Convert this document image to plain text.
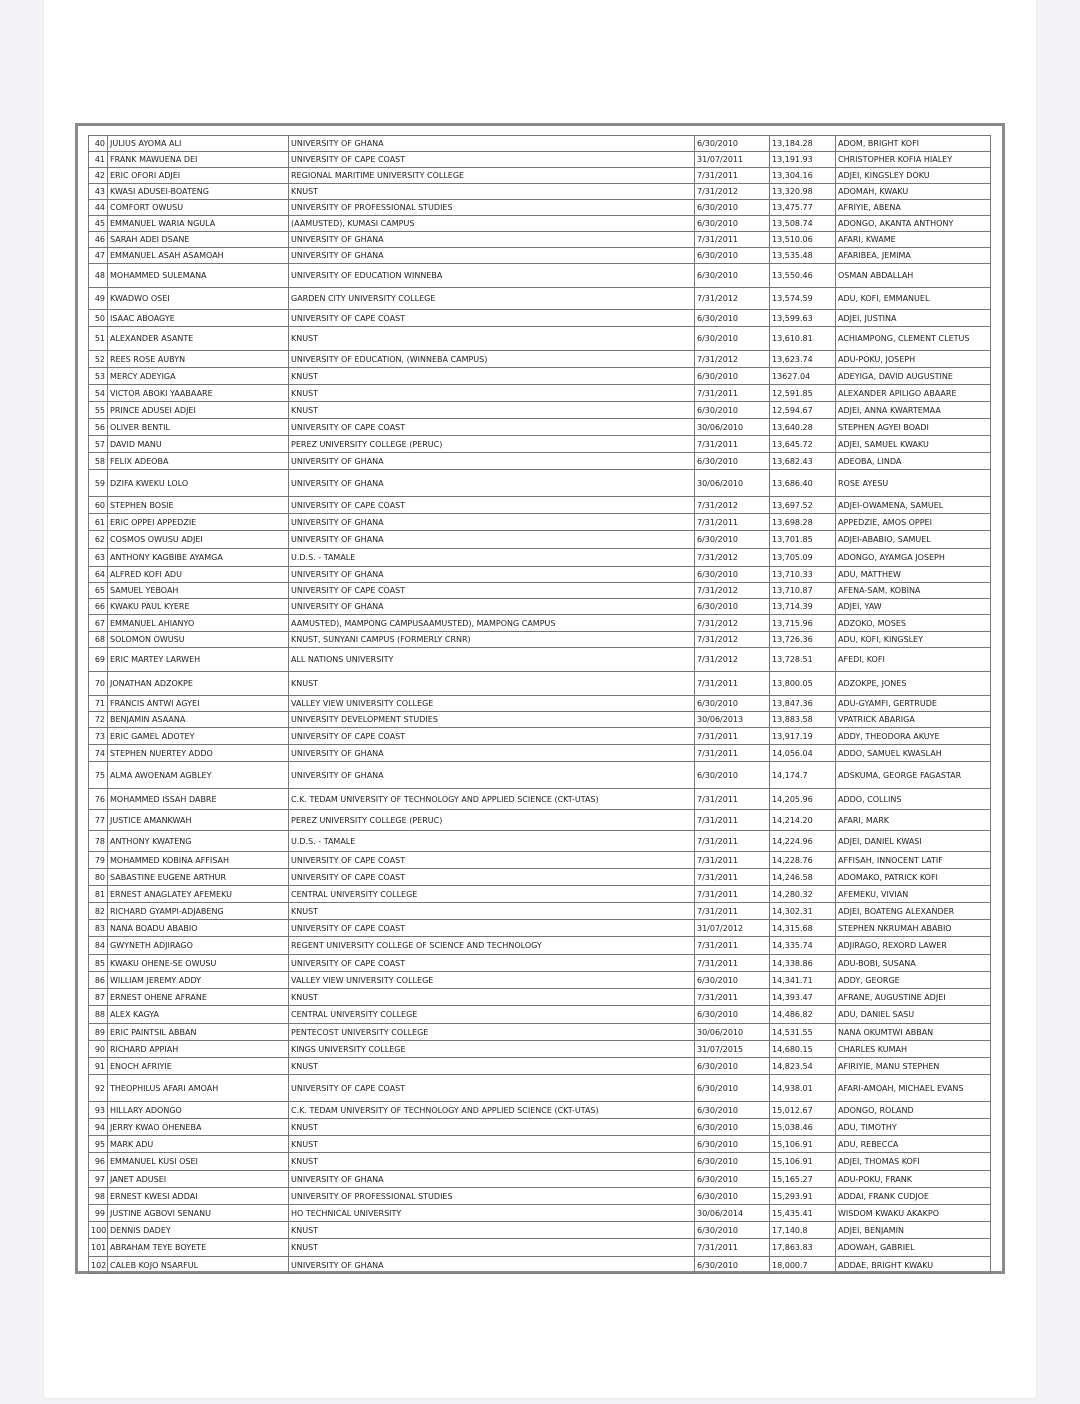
40	JULIUS AYOMA ALI	UNIVERSITY OF GHANA	6/30/2010	13,184.28	ADOM, BRIGHT KOFI
41	FRANK MAWUENA DEI	UNIVERSITY OF CAPE COAST	31/07/2011	13,191.93	CHRISTOPHER KOFIA HIALEY
42	ERIC OFORI ADJEI	REGIONAL MARITIME UNIVERSITY COLLEGE	7/31/2011	13,304.16	ADJEI, KINGSLEY DOKU
43	KWASI ADUSEI-BOATENG	KNUST	7/31/2012	13,320.98	ADOMAH, KWAKU
44	COMFORT OWUSU	UNIVERSITY OF PROFESSIONAL STUDIES	6/30/2010	13,475.77	AFRIYIE, ABENA
45	EMMANUEL WARIA NGULA	(AAMUSTED), KUMASI CAMPUS	6/30/2010	13,508.74	ADONGO, AKANTA ANTHONY
46	SARAH ADEI DSANE	UNIVERSITY OF GHANA	7/31/2011	13,510.06	AFARI, KWAME
47	EMMANUEL ASAH ASAMOAH	UNIVERSITY OF GHANA	6/30/2010	13,535.48	AFARIBEA, JEMIMA
48	MOHAMMED SULEMANA	UNIVERSITY OF EDUCATION WINNEBA	6/30/2010	13,550.46	OSMAN ABDALLAH
49	KWADWO OSEI	GARDEN CITY UNIVERSITY COLLEGE	7/31/2012	13,574.59	ADU, KOFI, EMMANUEL
50	ISAAC ABOAGYE	UNIVERSITY OF CAPE COAST	6/30/2010	13,599.63	ADJEI, JUSTINA
51	ALEXANDER ASANTE	KNUST	6/30/2010	13,610.81	ACHIAMPONG, CLEMENT CLETUS
52	REES ROSE AUBYN	UNIVERSITY OF EDUCATION, (WINNEBA CAMPUS)	7/31/2012	13,623.74	ADU-POKU, JOSEPH
53	MERCY ADEYIGA	KNUST	6/30/2010	13627.04	ADEYIGA, DAVID AUGUSTINE
54	VICTOR ABOKI YAABAARE	KNUST	7/31/2011	12,591.85	ALEXANDER APILIGO ABAARE
55	PRINCE ADUSEI ADJEI	KNUST	6/30/2010	12,594.67	ADJEI, ANNA KWARTEMAA
56	OLIVER BENTIL	UNIVERSITY OF CAPE COAST	30/06/2010	13,640.28	STEPHEN AGYEI BOADI
57	DAVID MANU	PEREZ UNIVERSITY COLLEGE (PERUC)	7/31/2011	13,645.72	ADJEI, SAMUEL KWAKU
58	FELIX ADEOBA	UNIVERSITY OF GHANA	6/30/2010	13,682.43	ADEOBA, LINDA
59	DZIFA KWEKU LOLO	UNIVERSITY OF GHANA	30/06/2010	13,686.40	ROSE AYESU
60	STEPHEN BOSIE	UNIVERSITY OF CAPE COAST	7/31/2012	13,697.52	ADJEI-OWAMENA, SAMUEL
61	ERIC OPPEI APPEDZIE	UNIVERSITY OF GHANA	7/31/2011	13,698.28	APPEDZIE, AMOS OPPEI
62	COSMOS OWUSU ADJEI	UNIVERSITY OF GHANA	6/30/2010	13,701.85	ADJEI-ABABIO, SAMUEL
63	ANTHONY KAGBIBE AYAMGA	U.D.S. - TAMALE	7/31/2012	13,705.09	ADONGO, AYAMGA JOSEPH
64	ALFRED KOFI ADU	UNIVERSITY OF GHANA	6/30/2010	13,710.33	ADU, MATTHEW
65	SAMUEL YEBOAH	UNIVERSITY OF CAPE COAST	7/31/2012	13,710.87	AFENA-SAM, KOBINA
66	KWAKU PAUL KYERE	UNIVERSITY OF GHANA	6/30/2010	13,714.39	ADJEI, YAW
67	EMMANUEL AHIANYO	AAMUSTED), MAMPONG CAMPUSAAMUSTED), MAMPONG CAMPUS	7/31/2012	13,715.96	ADZOKO, MOSES
68	SOLOMON OWUSU	KNUST, SUNYANI CAMPUS (FORMERLY CRNR)	7/31/2012	13,726.36	ADU, KOFI, KINGSLEY
69	ERIC MARTEY LARWEH	ALL NATIONS UNIVERSITY	7/31/2012	13,728.51	AFEDI, KOFI
70	JONATHAN ADZOKPE	KNUST	7/31/2011	13,800.05	ADZOKPE, JONES
71	FRANCIS ANTWI AGYEI	VALLEY VIEW UNIVERSITY COLLEGE	6/30/2010	13,847.36	ADU-GYAMFI, GERTRUDE
72	BENJAMIN ASAANA	UNIVERSITY DEVELOPMENT STUDIES	30/06/2013	13,883.58	VPATRICK ABARIGA
73	ERIC GAMEL ADOTEY	UNIVERSITY OF CAPE COAST	7/31/2011	13,917.19	ADDY, THEODORA AKUYE
74	STEPHEN NUERTEY ADDO	UNIVERSITY OF GHANA	7/31/2011	14,056.04	ADDO, SAMUEL KWASLAH
75	ALMA AWOENAM AGBLEY	UNIVERSITY OF GHANA	6/30/2010	14,174.7	ADSKUMA, GEORGE FAGASTAR
76	MOHAMMED ISSAH DABRE	C.K. TEDAM UNIVERSITY OF TECHNOLOGY AND APPLIED SCIENCE (CKT-UTAS)	7/31/2011	14,205.96	ADDO, COLLINS
77	JUSTICE AMANKWAH	PEREZ UNIVERSITY COLLEGE (PERUC)	7/31/2011	14,214.20	AFARI, MARK
78	ANTHONY KWATENG	U.D.S. - TAMALE	7/31/2011	14,224.96	ADJEI, DANIEL KWASI
79	MOHAMMED KOBINA AFFISAH	UNIVERSITY OF CAPE COAST	7/31/2011	14,228.76	AFFISAH, INNOCENT LATIF
80	SABASTINE EUGENE ARTHUR	UNIVERSITY OF CAPE COAST	7/31/2011	14,246.58	ADOMAKO, PATRICK KOFI
81	ERNEST ANAGLATEY AFEMEKU	CENTRAL UNIVERSITY COLLEGE	7/31/2011	14,280.32	AFEMEKU, VIVIAN
82	RICHARD GYAMPI-ADJABENG	KNUST	7/31/2011	14,302.31	ADJEI, BOATENG ALEXANDER
83	NANA BOADU ABABIO	UNIVERSITY OF CAPE COAST	31/07/2012	14,315.68	STEPHEN NKRUMAH ABABIO
84	GWYNETH ADJIRAGO	REGENT UNIVERSITY COLLEGE OF SCIENCE AND TECHNOLOGY	7/31/2011	14,335.74	ADJIRAGO, REXORD LAWER
85	KWAKU OHENE-SE OWUSU	UNIVERSITY OF CAPE COAST	7/31/2011	14,338.86	ADU-BOBI, SUSANA
86	WILLIAM JEREMY ADDY	VALLEY VIEW UNIVERSITY COLLEGE	6/30/2010	14,341.71	ADDY, GEORGE
87	ERNEST OHENE AFRANE	KNUST	7/31/2011	14,393.47	AFRANE, AUGUSTINE ADJEI
88	ALEX KAGYA	CENTRAL UNIVERSITY COLLEGE	6/30/2010	14,486.82	ADU, DANIEL SASU
89	ERIC PAINTSIL ABBAN	PENTECOST UNIVERSITY COLLEGE	30/06/2010	14,531.55	NANA OKUMTWI ABBAN
90	RICHARD APPIAH	KINGS UNIVERSITY COLLEGE	31/07/2015	14,680.15	CHARLES KUMAH
91	ENOCH AFRIYIE	KNUST	6/30/2010	14,823.54	AFIRIYIE, MANU STEPHEN
92	THEOPHILUS AFARI AMOAH	UNIVERSITY OF CAPE COAST	6/30/2010	14,938.01	AFARI-AMOAH, MICHAEL EVANS
93	HILLARY ADONGO	C.K. TEDAM UNIVERSITY OF TECHNOLOGY AND APPLIED SCIENCE (CKT-UTAS)	6/30/2010	15,012.67	ADONGO, ROLAND
94	JERRY KWAO OHENEBA	KNUST	6/30/2010	15,038.46	ADU, TIMOTHY
95	MARK ADU	KNUST	6/30/2010	15,106.91	ADU, REBECCA
96	EMMANUEL KUSI OSEI	KNUST	6/30/2010	15,106.91	ADJEI, THOMAS KOFI
97	JANET ADUSEI	UNIVERSITY OF GHANA	6/30/2010	15,165.27	ADU-POKU, FRANK
98	ERNEST KWESI ADDAI	UNIVERSITY OF PROFESSIONAL STUDIES	6/30/2010	15,293.91	ADDAI, FRANK CUDJOE
99	JUSTINE AGBOVI SENANU	HO TECHNICAL UNIVERSITY	30/06/2014	15,435.41	WISDOM KWAKU AKAKPO
100	DENNIS DADEY	KNUST	6/30/2010	17,140.8	ADJEI, BENJAMIN
101	ABRAHAM TEYE BOYETE	KNUST	7/31/2011	17,863.83	ADOWAH, GABRIEL
102	CALEB KOJO NSARFUL	UNIVERSITY OF GHANA	6/30/2010	18,000.7	ADDAE, BRIGHT KWAKU
